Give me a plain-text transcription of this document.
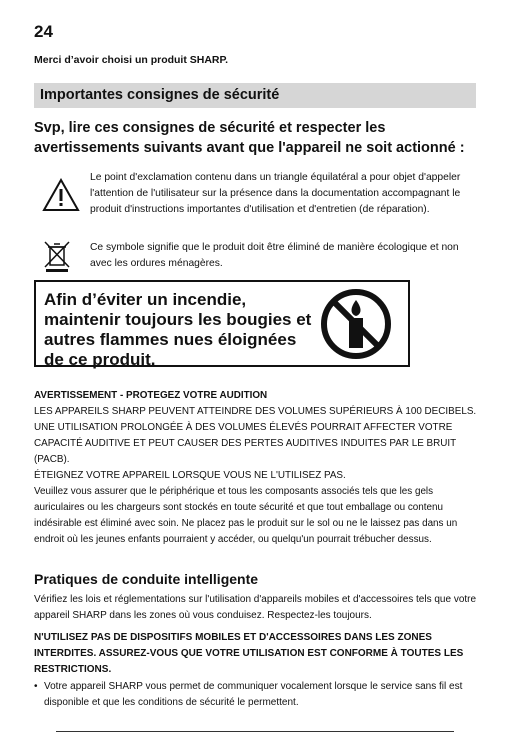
24
Merci d’avoir choisi un produit SHARP.
Importantes consignes de sécurité
Svp, lire ces consignes de sécurité et respecter les avertissements suivants avant que l'appareil ne soit actionné :
Le point d'exclamation contenu dans un triangle équilatéral a pour objet d'appeler l'attention de l'utilisateur sur la présence dans la documentation accompagnant le produit d'instructions importantes d'utilisation et d'entretien (de réparation).
Ce symbole signifie que le produit doit être éliminé de manière écologique et non avec les ordures ménagères.
Afin d’éviter un incendie, maintenir toujours les bougies et autres flammes nues éloignées de ce produit.
AVERTISSEMENT - PROTEGEZ VOTRE AUDITION
LES APPAREILS SHARP PEUVENT ATTEINDRE DES VOLUMES SUPÉRIEURS À 100 DECIBELS. UNE UTILISATION PROLONGÉE À DES VOLUMES ÉLEVÉS POURRAIT AFFECTER VOTRE CAPACITÉ AUDITIVE ET PEUT CAUSER DES PERTES AUDITIVES INDUITES PAR LE BRUIT (PACB).
ÉTEIGNEZ VOTRE APPAREIL LORSQUE VOUS NE L'UTILISEZ PAS.
Veuillez vous assurer que le périphérique et tous les composants associés tels que les gels auriculaires ou les chargeurs sont stockés en toute sécurité et que tout emballage ou contenu indésirable est éliminé avec soin. Ne placez pas le produit sur le sol ou ne le laissez pas dans un endroit où les jeunes enfants pourraient y accéder, ou quelqu'un pourrait trébucher dessus.
Pratiques de conduite intelligente
Vérifiez les lois et réglementations sur l'utilisation d'appareils mobiles et d'accessoires tels que votre appareil SHARP dans les zones où vous conduisez. Respectez-les toujours.
N'UTILISEZ PAS DE DISPOSITIFS MOBILES ET D'ACCESSOIRES DANS LES ZONES INTERDITES. ASSUREZ-VOUS QUE VOTRE UTILISATION EST CONFORME À TOUTES LES RESTRICTIONS.
• Votre appareil SHARP vous permet de communiquer vocalement lorsque le service sans fil est disponible et que les conditions de sécurité le permettent.
